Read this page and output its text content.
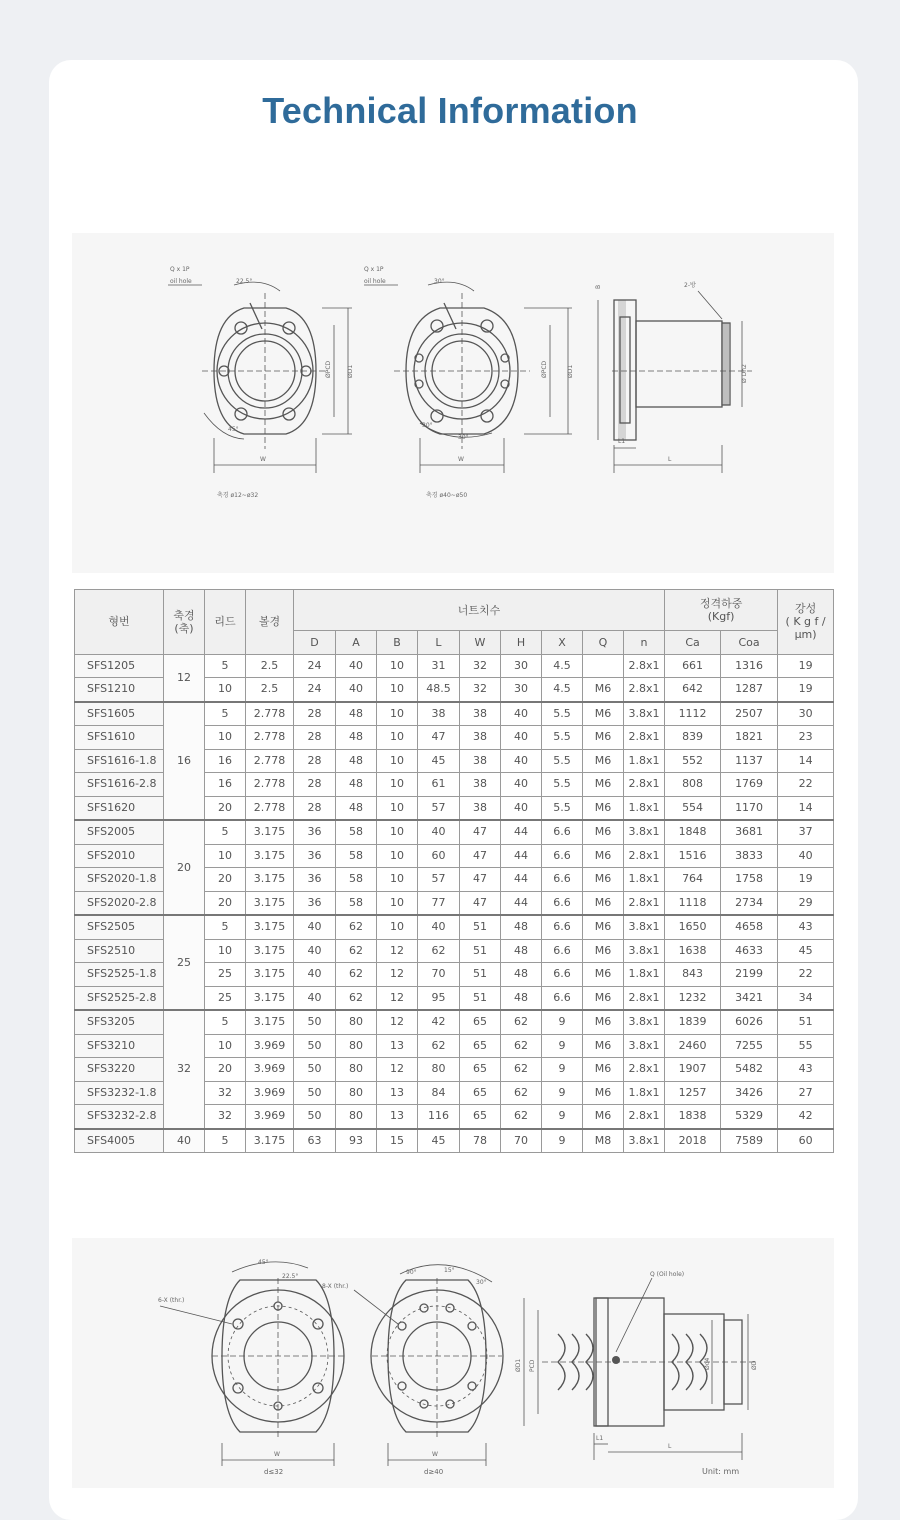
Technical Information
Q x 1P
oil hole	22.5°
45°
ØPCD	ØD1
W
축경 ø12~ø32
Q x 1P
oil hole	30°
30°
30°
ØPCD	ØD1
W
축경 ø40~ø50
B	2-방
Ø Dh2
L1
L
형번	축경
(축)	리드	볼경	너트치수									정격하중
(Kgf)		강성
( K g f /
μm)
				D	A	B	L	W	H	X	Q	n	Ca	Coa	
SFS1205	12	5	2.5	24	40	10	31	32	30	4.5		2.8x1	661	1316	19
SFS1210		10	2.5	24	40	10	48.5	32	30	4.5	M6	2.8x1	642	1287	19
SFS1605	16	5	2.778	28	48	10	38	38	40	5.5	M6	3.8x1	1112	2507	30
SFS1610		10	2.778	28	48	10	47	38	40	5.5	M6	2.8x1	839	1821	23
SFS1616-1.8		16	2.778	28	48	10	45	38	40	5.5	M6	1.8x1	552	1137	14
SFS1616-2.8		16	2.778	28	48	10	61	38	40	5.5	M6	2.8x1	808	1769	22
SFS1620		20	2.778	28	48	10	57	38	40	5.5	M6	1.8x1	554	1170	14
SFS2005	20	5	3.175	36	58	10	40	47	44	6.6	M6	3.8x1	1848	3681	37
SFS2010		10	3.175	36	58	10	60	47	44	6.6	M6	2.8x1	1516	3833	40
SFS2020-1.8		20	3.175	36	58	10	57	47	44	6.6	M6	1.8x1	764	1758	19
SFS2020-2.8		20	3.175	36	58	10	77	47	44	6.6	M6	2.8x1	1118	2734	29
SFS2505	25	5	3.175	40	62	10	40	51	48	6.6	M6	3.8x1	1650	4658	43
SFS2510		10	3.175	40	62	12	62	51	48	6.6	M6	3.8x1	1638	4633	45
SFS2525-1.8		25	3.175	40	62	12	70	51	48	6.6	M6	1.8x1	843	2199	22
SFS2525-2.8		25	3.175	40	62	12	95	51	48	6.6	M6	2.8x1	1232	3421	34
SFS3205	32	5	3.175	50	80	12	42	65	62	9	M6	3.8x1	1839	6026	51
SFS3210		10	3.969	50	80	13	62	65	62	9	M6	3.8x1	2460	7255	55
SFS3220		20	3.969	50	80	12	80	65	62	9	M6	2.8x1	1907	5482	43
SFS3232-1.8		32	3.969	50	80	13	84	65	62	9	M6	1.8x1	1257	3426	27
SFS3232-2.8		32	3.969	50	80	13	116	65	62	9	M6	2.8x1	1838	5329	42
SFS4005	40	5	3.175	63	93	15	45	78	70	9	M8	3.8x1	2018	7589	60
6-X (thr.)
45°
22.5°
W
d≤32
8-X (thr.)
90°	15°
30°
W
d≥40
Q (Oil hole)
ØD1 PCD	Ød4	ØD
L1
L
Unit: mm
